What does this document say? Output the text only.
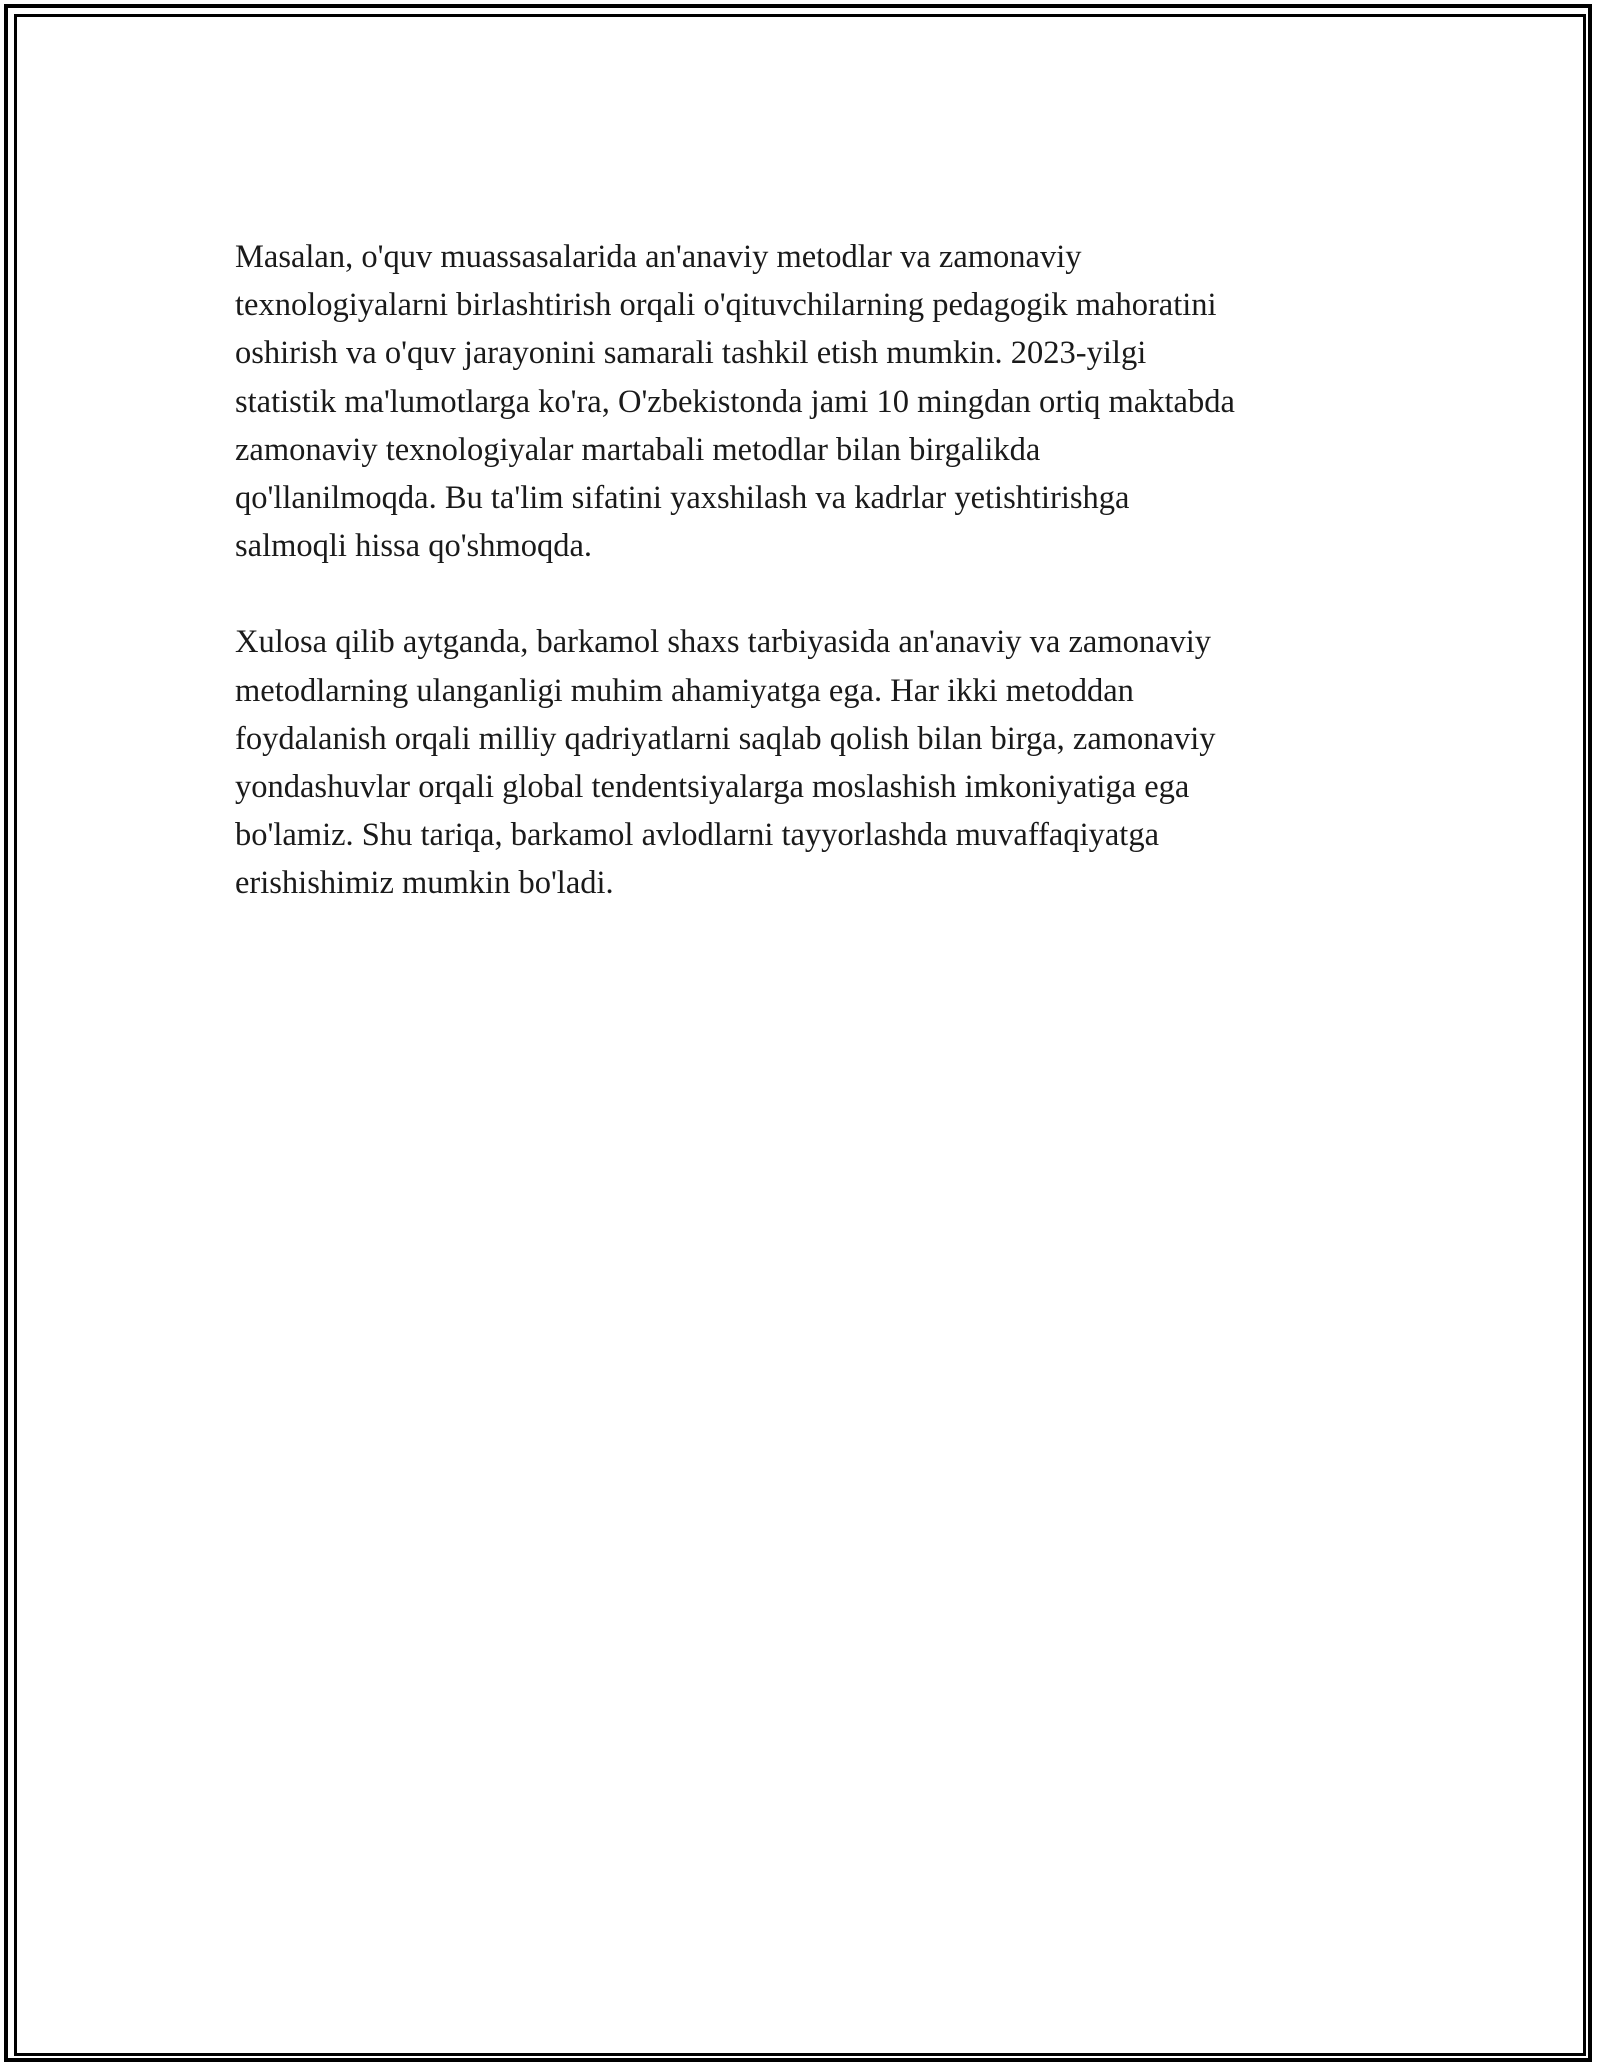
Masalan, o'quv muassasalarida an'anaviy metodlar va zamonaviy
texnologiyalarni birlashtirish orqali o'qituvchilarning pedagogik mahoratini
oshirish va o'quv jarayonini samarali tashkil etish mumkin. 2023-yilgi
statistik ma'lumotlarga ko'ra, O'zbekistonda jami 10 mingdan ortiq maktabda
zamonaviy texnologiyalar martabali metodlar bilan birgalikda
qo'llanilmoqda. Bu ta'lim sifatini yaxshilash va kadrlar yetishtirishga
salmoqli hissa qo'shmoqda.

Xulosa qilib aytganda, barkamol shaxs tarbiyasida an'anaviy va zamonaviy
metodlarning ulanganligi muhim ahamiyatga ega. Har ikki metoddan
foydalanish orqali milliy qadriyatlarni saqlab qolish bilan birga, zamonaviy
yondashuvlar orqali global tendentsiyalarga moslashish imkoniyatiga ega
bo'lamiz. Shu tariqa, barkamol avlodlarni tayyorlashda muvaffaqiyatga
erishishimiz mumkin bo'ladi.
